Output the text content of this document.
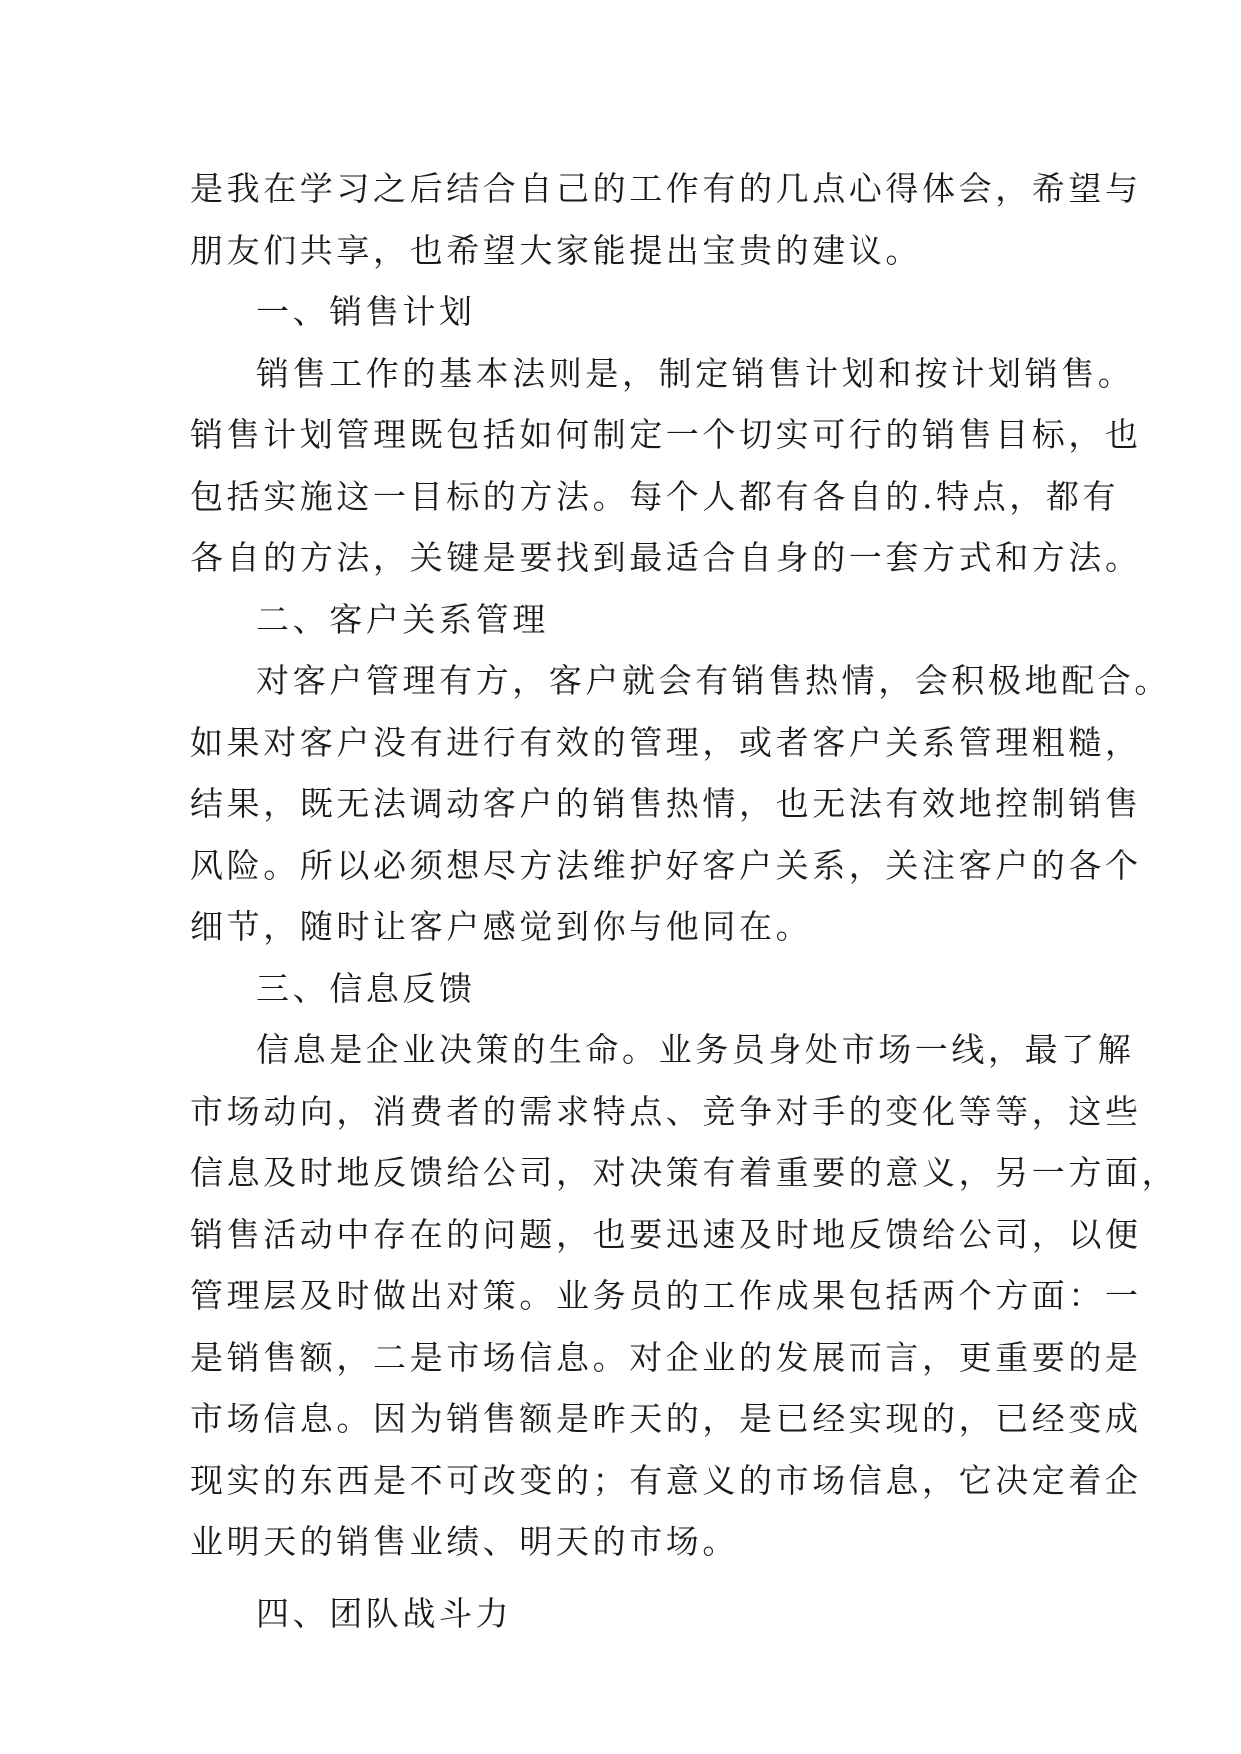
是我在学习之后结合自己的工作有的几点心得体会，希望与
朋友们共享，也希望大家能提出宝贵的建议。
一、销售计划
销售工作的基本法则是，制定销售计划和按计划销售。
销售计划管理既包括如何制定一个切实可行的销售目标，也
包括实施这一目标的方法。每个人都有各自的.特点，都有
各自的方法，关键是要找到最适合自身的一套方式和方法。
二、客户关系管理
对客户管理有方，客户就会有销售热情，会积极地配合。
如果对客户没有进行有效的管理，或者客户关系管理粗糙，
结果，既无法调动客户的销售热情，也无法有效地控制销售
风险。所以必须想尽方法维护好客户关系，关注客户的各个
细节，随时让客户感觉到你与他同在。
三、信息反馈
信息是企业决策的生命。业务员身处市场一线，最了解
市场动向，消费者的需求特点、竞争对手的变化等等，这些
信息及时地反馈给公司，对决策有着重要的意义，另一方面，
销售活动中存在的问题，也要迅速及时地反馈给公司，以便
管理层及时做出对策。业务员的工作成果包括两个方面：一
是销售额，二是市场信息。对企业的发展而言，更重要的是
市场信息。因为销售额是昨天的，是已经实现的，已经变成
现实的东西是不可改变的；有意义的市场信息，它决定着企
业明天的销售业绩、明天的市场。
四、团队战斗力
